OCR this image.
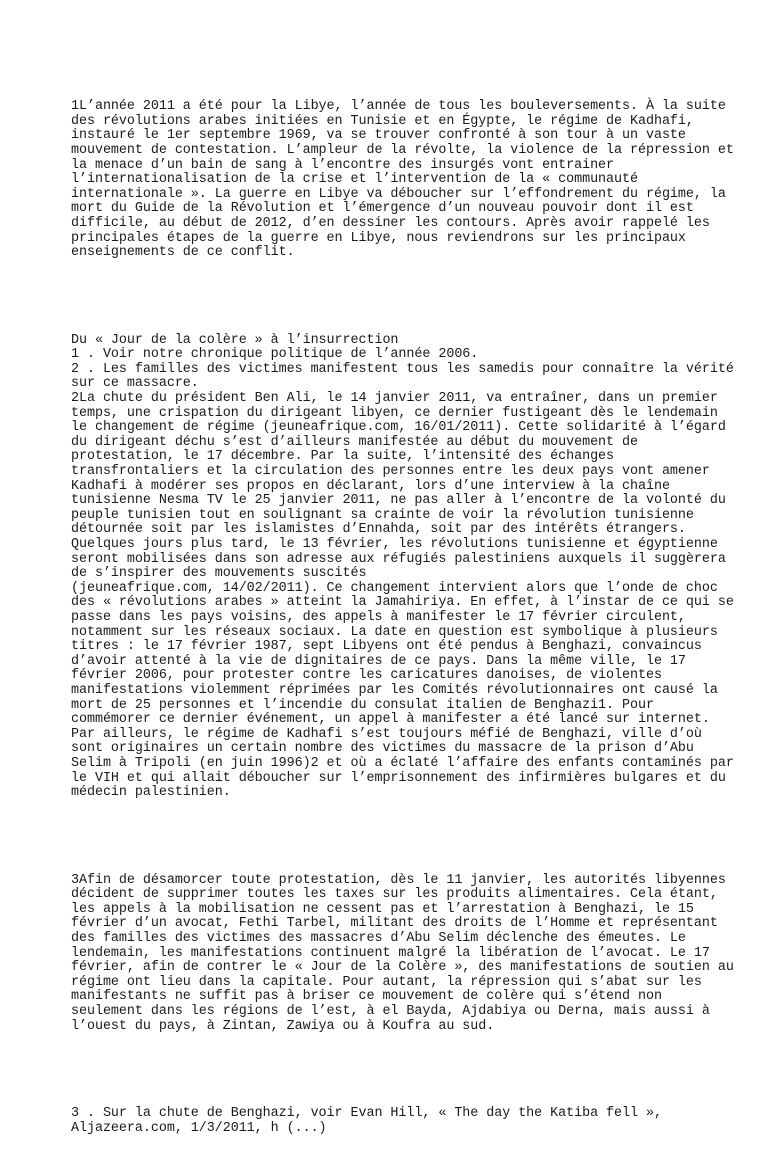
1L’année 2011 a été pour la Libye, l’année de tous les bouleversements. À la suite
des révolutions arabes initiées en Tunisie et en Égypte, le régime de Kadhafi,
instauré le 1er septembre 1969, va se trouver confronté à son tour à un vaste
mouvement de contestation. L’ampleur de la révolte, la violence de la répression et
la menace d’un bain de sang à l’encontre des insurgés vont entrainer
l’internationalisation de la crise et l’intervention de la « communauté
internationale ». La guerre en Libye va déboucher sur l’effondrement du régime, la
mort du Guide de la Révolution et l’émergence d’un nouveau pouvoir dont il est
difficile, au début de 2012, d’en dessiner les contours. Après avoir rappelé les
principales étapes de la guerre en Libye, nous reviendrons sur les principaux
enseignements de ce conflit.

Du « Jour de la colère » à l’insurrection
1 . Voir notre chronique politique de l’année 2006.
2 . Les familles des victimes manifestent tous les samedis pour connaître la vérité
sur ce massacre.
2La chute du président Ben Ali, le 14 janvier 2011, va entraîner, dans un premier
temps, une crispation du dirigeant libyen, ce dernier fustigeant dès le lendemain
le changement de régime (jeuneafrique.com, 16/01/2011). Cette solidarité à l’égard
du dirigeant déchu s’est d’ailleurs manifestée au début du mouvement de
protestation, le 17 décembre. Par la suite, l’intensité des échanges
transfrontaliers et la circulation des personnes entre les deux pays vont amener
Kadhafi à modérer ses propos en déclarant, lors d’une interview à la chaîne
tunisienne Nesma TV le 25 janvier 2011, ne pas aller à l’encontre de la volonté du
peuple tunisien tout en soulignant sa crainte de voir la révolution tunisienne
détournée soit par les islamistes d’Ennahda, soit par des intérêts étrangers.
Quelques jours plus tard, le 13 février, les révolutions tunisienne et égyptienne
seront mobilisées dans son adresse aux réfugiés palestiniens auxquels il suggèrera
de s’inspirer des mouvements suscités
(jeuneafrique.com, 14/02/2011). Ce changement intervient alors que l’onde de choc
des « révolutions arabes » atteint la Jamahiriya. En effet, à l’instar de ce qui se
passe dans les pays voisins, des appels à manifester le 17 février circulent,
notamment sur les réseaux sociaux. La date en question est symbolique à plusieurs
titres : le 17 février 1987, sept Libyens ont été pendus à Benghazi, convaincus
d’avoir attenté à la vie de dignitaires de ce pays. Dans la même ville, le 17
février 2006, pour protester contre les caricatures danoises, de violentes
manifestations violemment réprimées par les Comités révolutionnaires ont causé la
mort de 25 personnes et l’incendie du consulat italien de Benghazi1. Pour
commémorer ce dernier événement, un appel à manifester a été lancé sur internet.
Par ailleurs, le régime de Kadhafi s’est toujours méfié de Benghazi, ville d’où
sont originaires un certain nombre des victimes du massacre de la prison d’Abu
Selim à Tripoli (en juin 1996)2 et où a éclaté l’affaire des enfants contaminés par
le VIH et qui allait déboucher sur l’emprisonnement des infirmières bulgares et du
médecin palestinien.

3Afin de désamorcer toute protestation, dès le 11 janvier, les autorités libyennes
décident de supprimer toutes les taxes sur les produits alimentaires. Cela étant,
les appels à la mobilisation ne cessent pas et l’arrestation à Benghazi, le 15
février d’un avocat, Fethi Tarbel, militant des droits de l’Homme et représentant
des familles des victimes des massacres d’Abu Selim déclenche des émeutes. Le
lendemain, les manifestations continuent malgré la libération de l’avocat. Le 17
février, afin de contrer le « Jour de la Colère », des manifestations de soutien au
régime ont lieu dans la capitale. Pour autant, la répression qui s’abat sur les
manifestants ne suffit pas à briser ce mouvement de colère qui s’étend non
seulement dans les régions de l’est, à el Bayda, Ajdabiya ou Derna, mais aussi à
l’ouest du pays, à Zintan, Zawiya ou à Koufra au sud.

3 . Sur la chute de Benghazi, voir Evan Hill, « The day the Katiba fell »,
Aljazeera.com, 1/3/2011, h (...)
